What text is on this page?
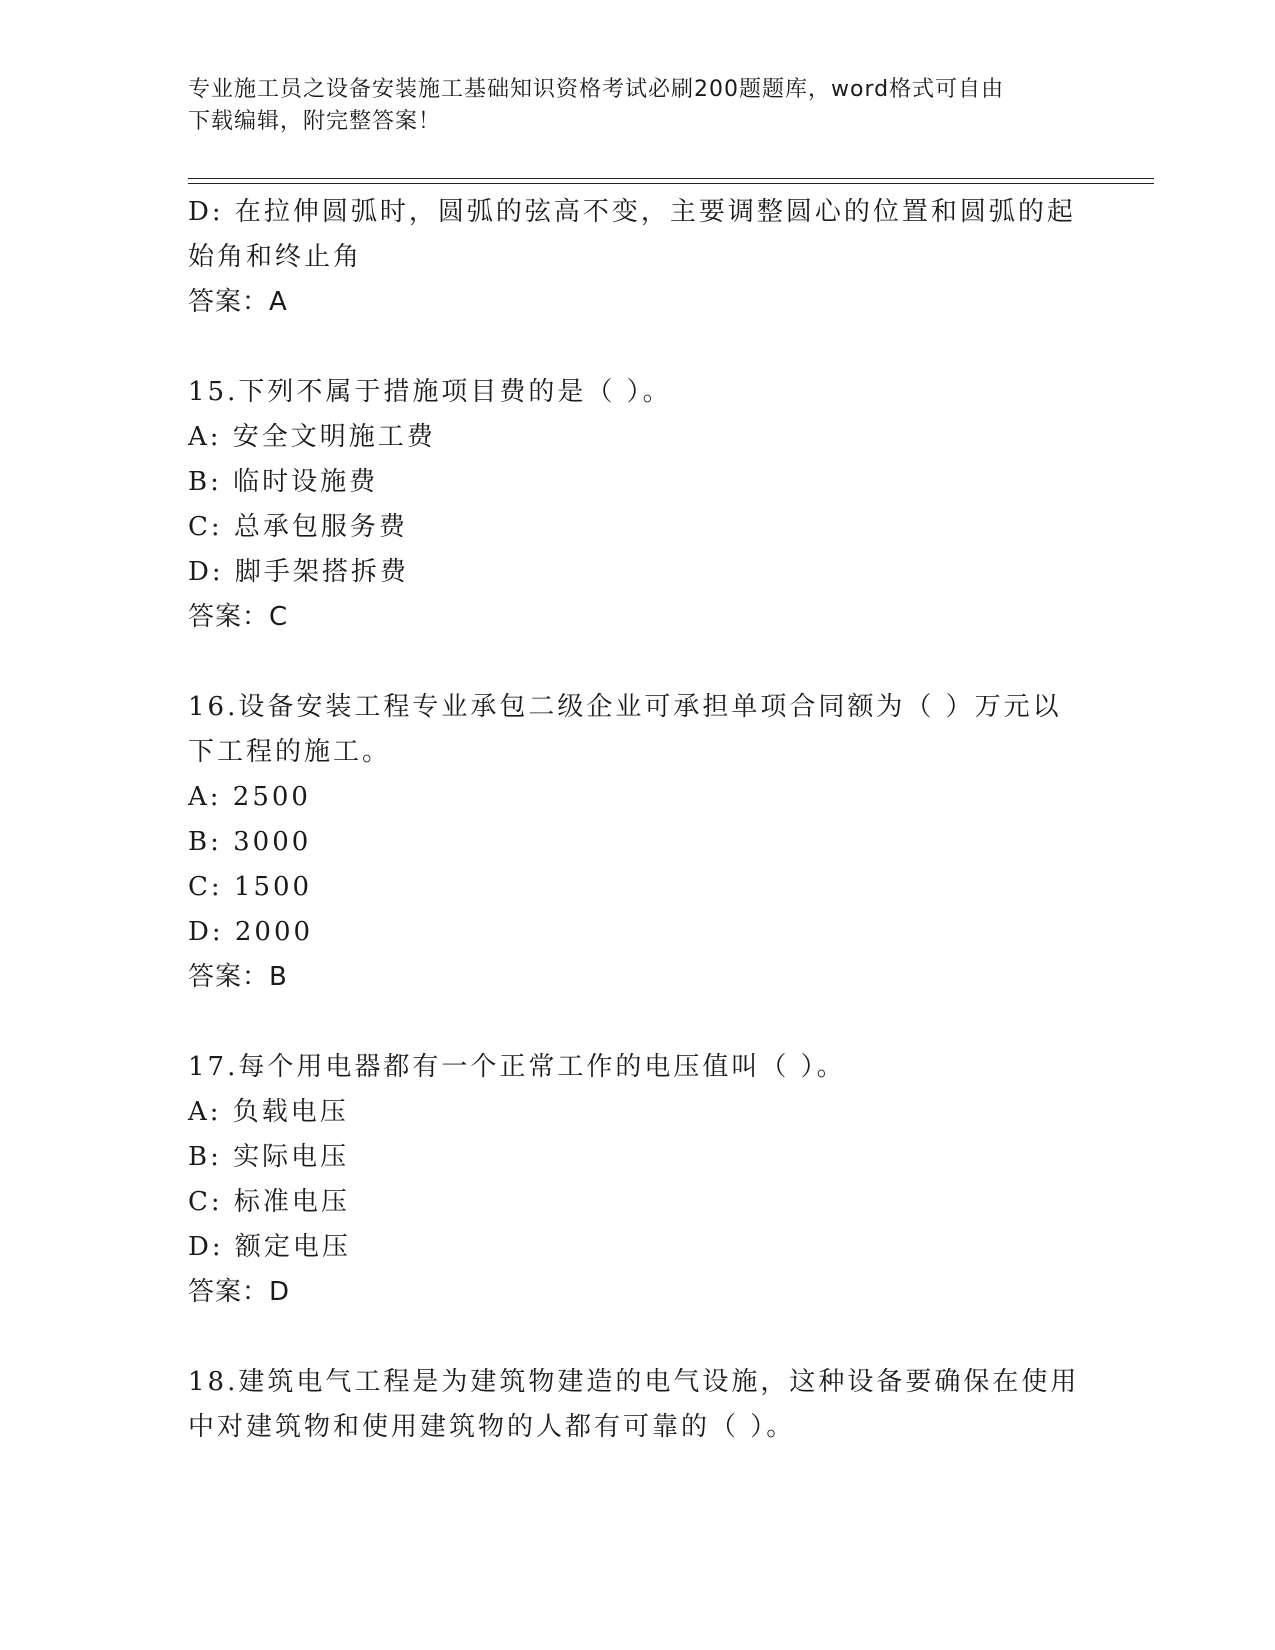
专业施工员之设备安装施工基础知识资格考试必刷200题题库，word格式可自由
下载编辑，附完整答案！
D: 在拉伸圆弧时，圆弧的弦高不变，主要调整圆心的位置和圆弧的起
始角和终止角
答案：A
15.下列不属于措施项目费的是（ ）。
A: 安全文明施工费
B: 临时设施费
C: 总承包服务费
D: 脚手架搭拆费
答案：C
16.设备安装工程专业承包二级企业可承担单项合同额为（ ）万元以
下工程的施工。
A: 2500
B: 3000
C: 1500
D: 2000
答案：B
17.每个用电器都有一个正常工作的电压值叫（ ）。
A: 负载电压
B: 实际电压
C: 标准电压
D: 额定电压
答案：D
18.建筑电气工程是为建筑物建造的电气设施，这种设备要确保在使用
中对建筑物和使用建筑物的人都有可靠的（ ）。
